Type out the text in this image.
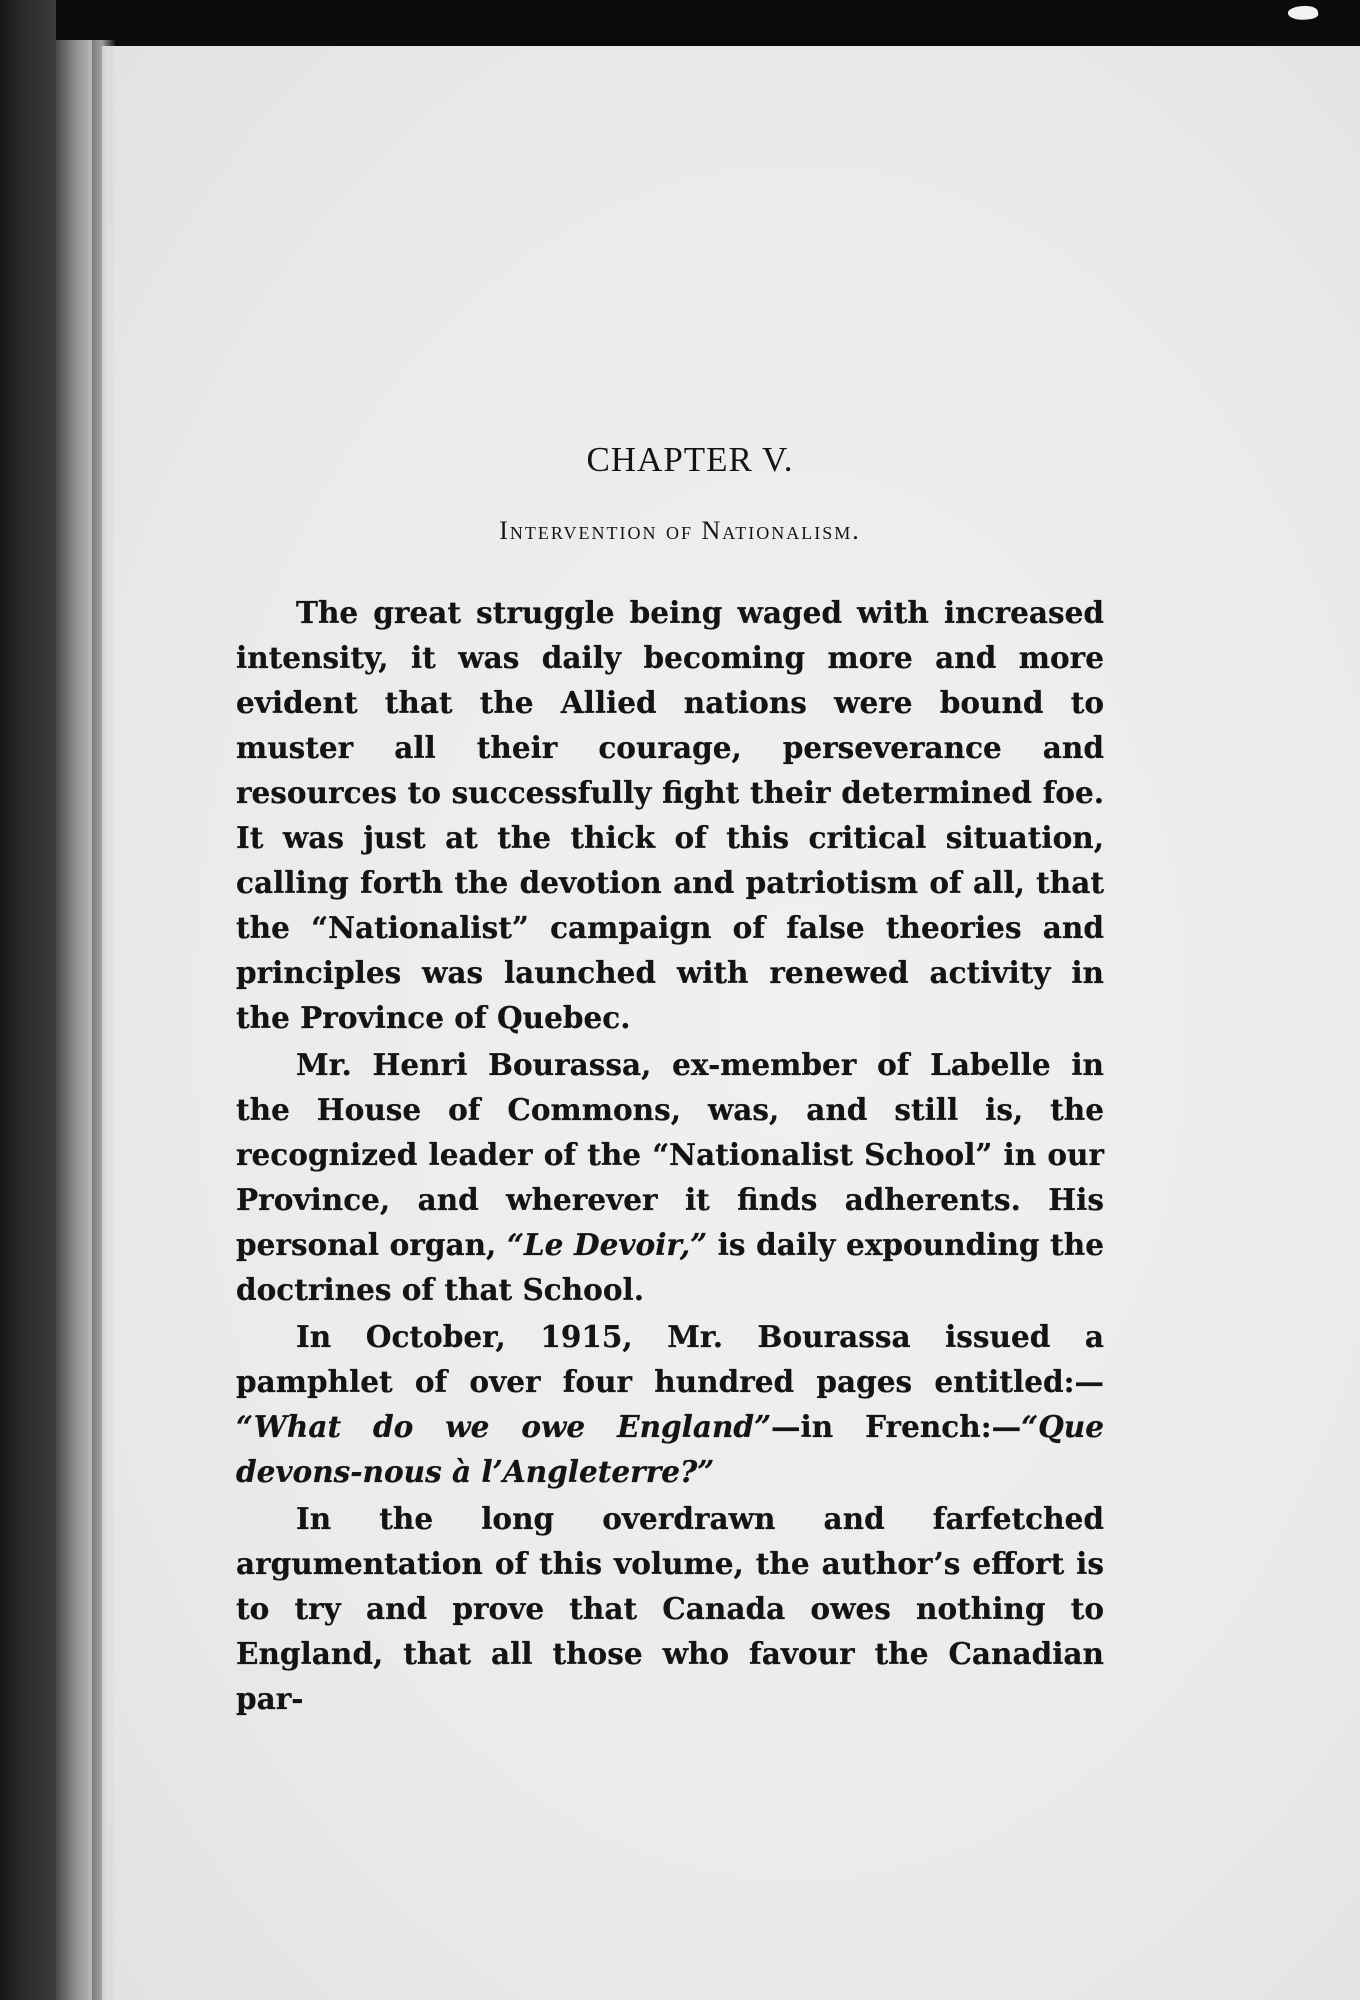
CHAPTER V.
Intervention of Nationalism.

The great struggle being waged with increased intensity, it was daily becoming more and more evident that the Allied nations were bound to muster all their courage, perseverance and resources to successfully fight their determined foe. It was just at the thick of this critical situation, calling forth the devotion and patriotism of all, that the “Nationalist” campaign of false theories and principles was launched with renewed activity in the Province of Quebec.

Mr. Henri Bourassa, ex-member of Labelle in the House of Commons, was, and still is, the recognized leader of the “Nationalist School” in our Province, and wherever it finds adherents. His personal organ, “Le Devoir,” is daily expounding the doctrines of that School.

In October, 1915, Mr. Bourassa issued a pamphlet of over four hundred pages entitled:— “What do we owe England”—in French:—“Que devons-nous à l’Angleterre?”

In the long overdrawn and farfetched argumentation of this volume, the author’s effort is to try and prove that Canada owes nothing to England, that all those who favour the Canadian par-
